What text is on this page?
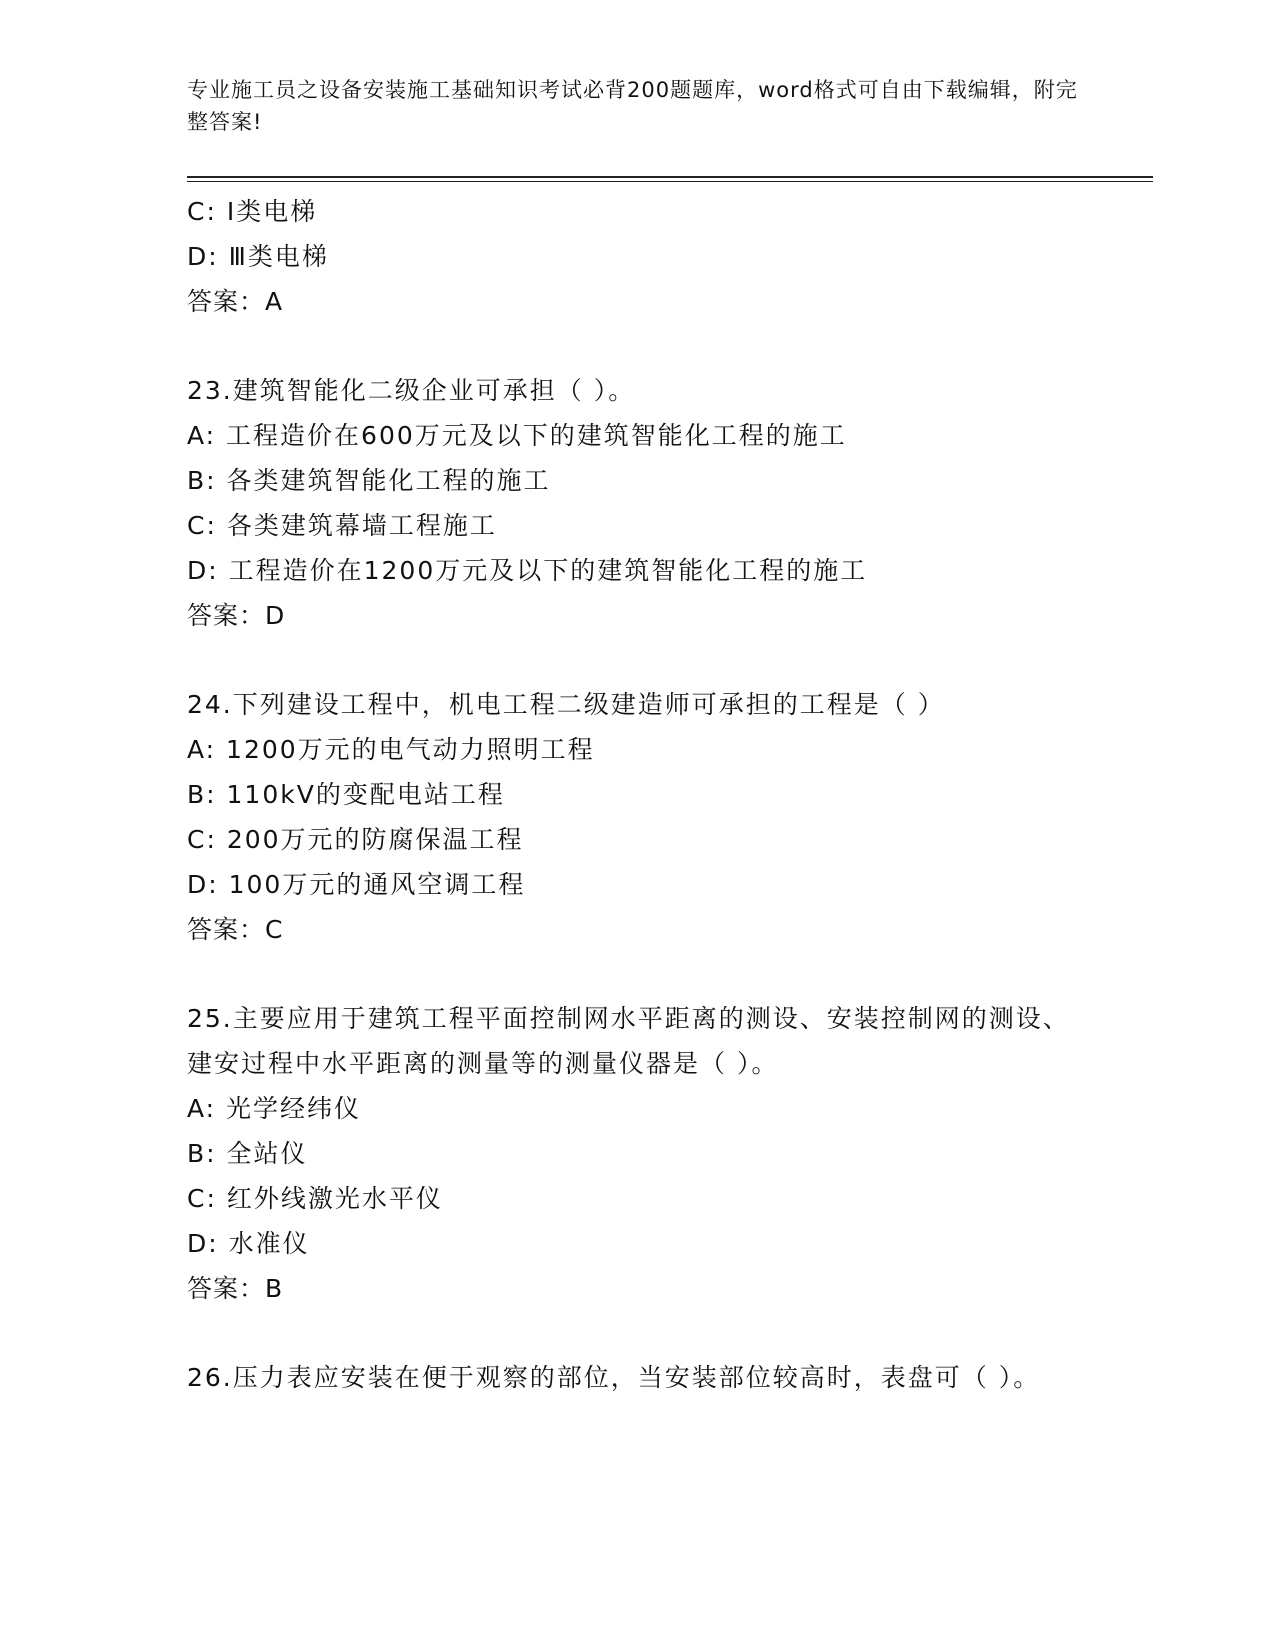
专业施工员之设备安装施工基础知识考试必背200题题库，word格式可自由下载编辑，附完整答案!
C: Ⅰ类电梯
D: Ⅲ类电梯
答案：A
23.建筑智能化二级企业可承担（ ）。
A: 工程造价在600万元及以下的建筑智能化工程的施工
B: 各类建筑智能化工程的施工
C: 各类建筑幕墙工程施工
D: 工程造价在1200万元及以下的建筑智能化工程的施工
答案：D
24.下列建设工程中，机电工程二级建造师可承担的工程是（ ）
A: 1200万元的电气动力照明工程
B: 110kV的变配电站工程
C: 200万元的防腐保温工程
D: 100万元的通风空调工程
答案：C
25.主要应用于建筑工程平面控制网水平距离的测设、安装控制网的测设、建安过程中水平距离的测量等的测量仪器是（ ）。
A: 光学经纬仪
B: 全站仪
C: 红外线激光水平仪
D: 水准仪
答案：B
26.压力表应安装在便于观察的部位，当安装部位较高时，表盘可（ ）。
